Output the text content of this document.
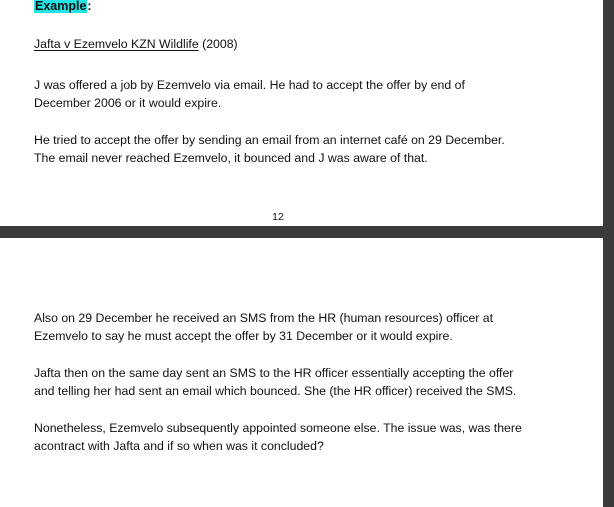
Example:
Jafta v Ezemvelo KZN Wildlife (2008)

J was offered a job by Ezemvelo via email. He had to accept the offer by end of December 2006 or it would expire.

He tried to accept the offer by sending an email from an internet café on 29 December. The email never reached Ezemvelo, it bounced and J was aware of that.

12

Also on 29 December he received an SMS from the HR (human resources) officer at Ezemvelo to say he must accept the offer by 31 December or it would expire.

Jafta then on the same day sent an SMS to the HR officer essentially accepting the offer and telling her had sent an email which bounced. She (the HR officer) received the SMS.

Nonetheless, Ezemvelo subsequently appointed someone else. The issue was, was there acontract with Jafta and if so when was it concluded?
